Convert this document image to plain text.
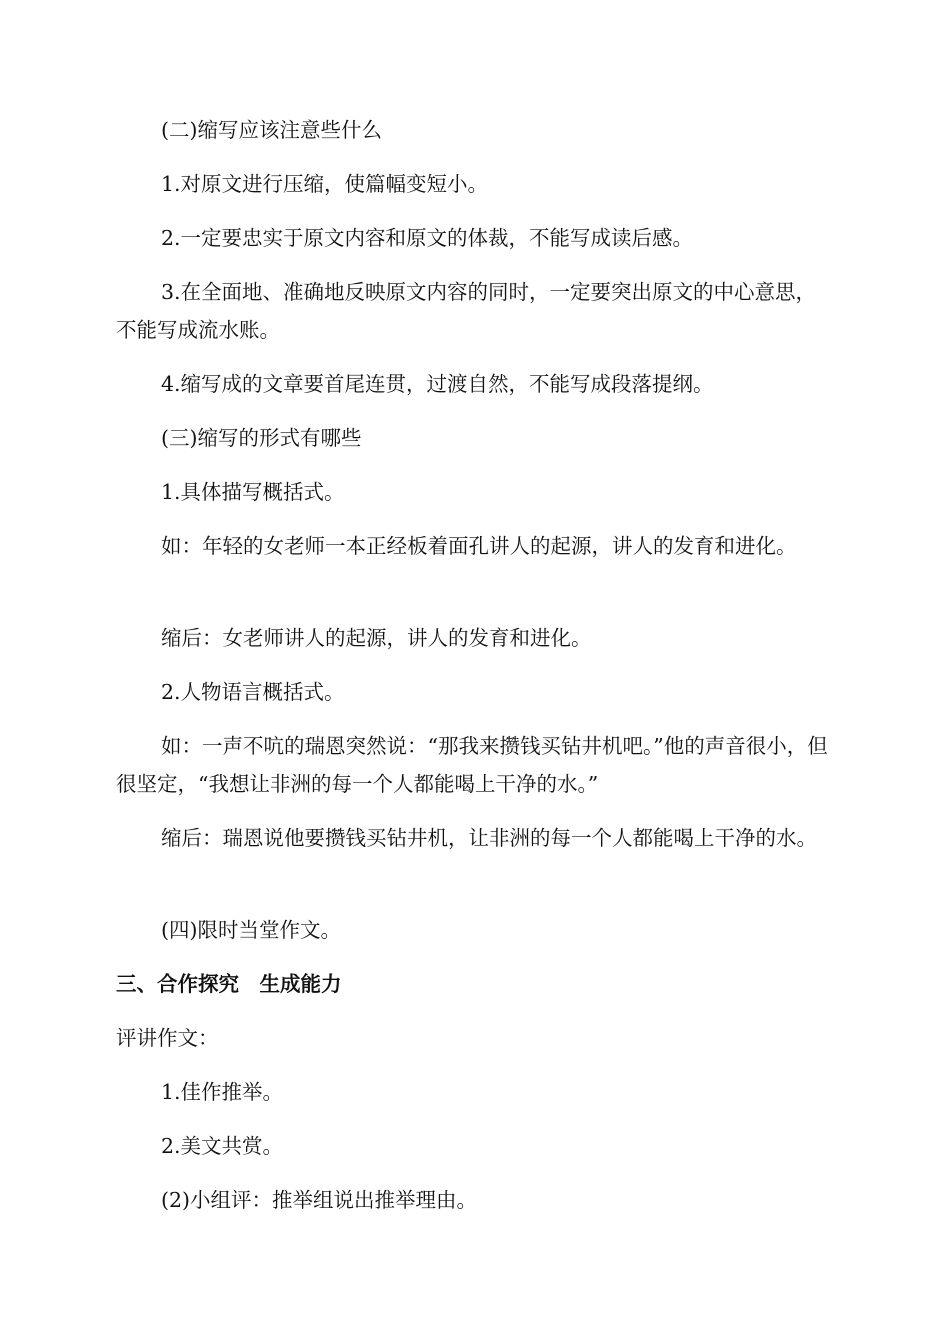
(二)缩写应该注意些什么

1.对原文进行压缩，使篇幅变短小。

2.一定要忠实于原文内容和原文的体裁，不能写成读后感。

3.在全面地、准确地反映原文内容的同时，一定要突出原文的中心意思，不能写成流水账。

4.缩写成的文章要首尾连贯，过渡自然，不能写成段落提纲。

(三)缩写的形式有哪些

1.具体描写概括式。

如：年轻的女老师一本正经板着面孔讲人的起源，讲人的发育和进化。

缩后：女老师讲人的起源，讲人的发育和进化。

2.人物语言概括式。

如：一声不吭的瑞恩突然说：“那我来攒钱买钻井机吧。”他的声音很小，但很坚定，“我想让非洲的每一个人都能喝上干净的水。”

缩后：瑞恩说他要攒钱买钻井机，让非洲的每一个人都能喝上干净的水。

(四)限时当堂作文。

三、合作探究　生成能力

评讲作文：

1.佳作推举。

2.美文共赏。

(2)小组评：推举组说出推举理由。
